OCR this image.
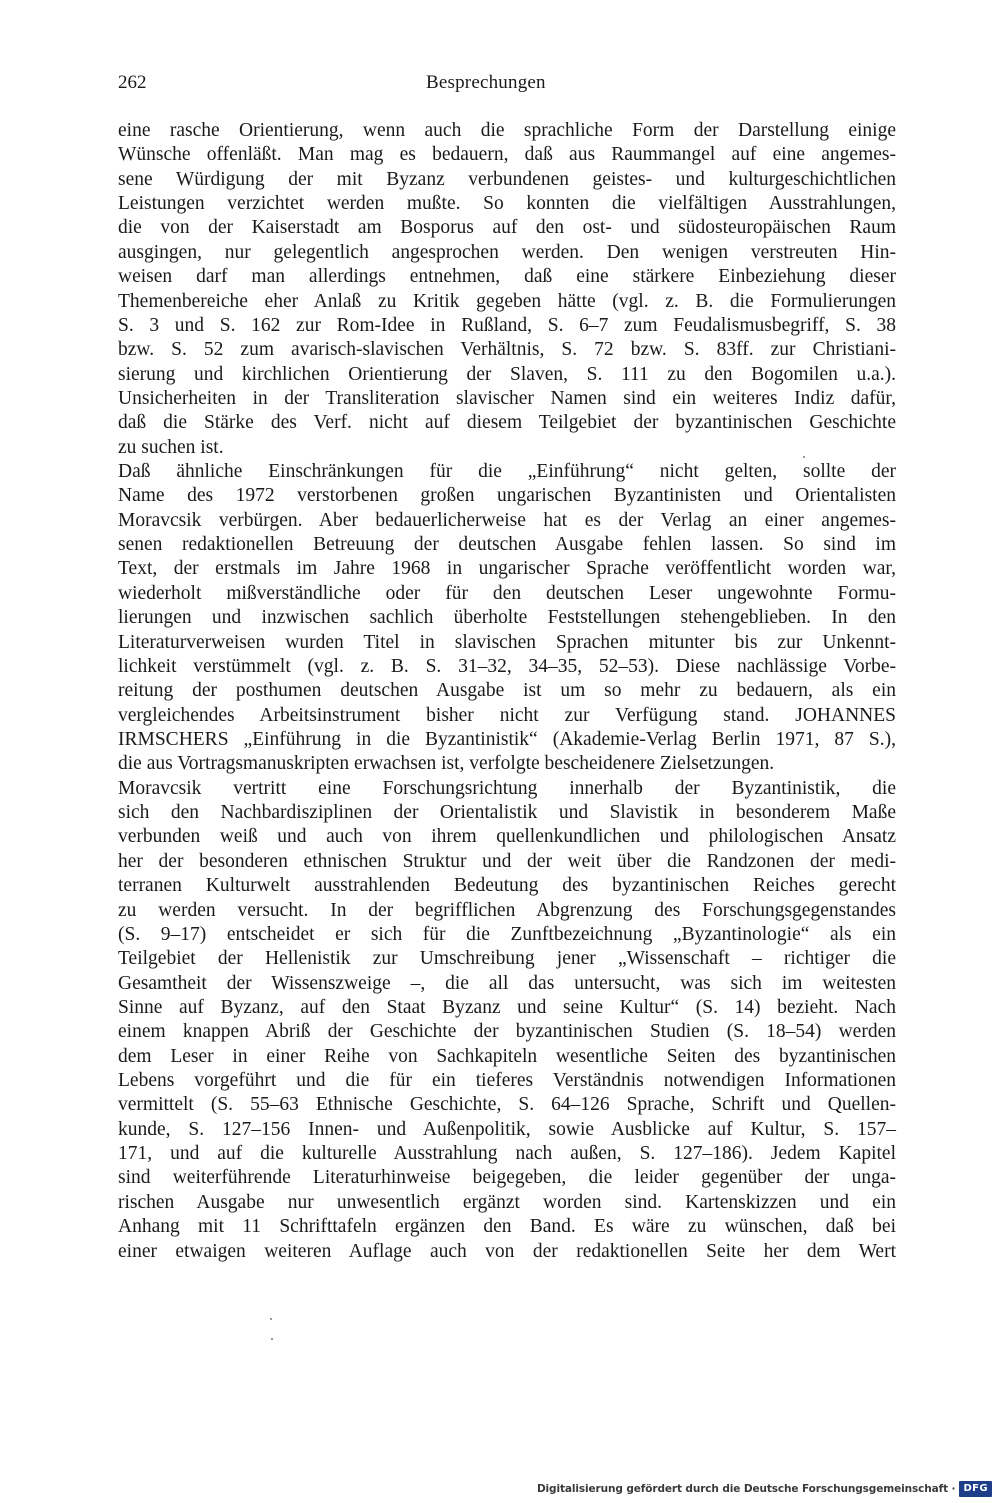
262	Besprechungen
eine rasche Orientierung, wenn auch die sprachliche Form der Darstellung einige
Wünsche offenläßt. Man mag es bedauern, daß aus Raummangel auf eine angemes-
sene Würdigung der mit Byzanz verbundenen geistes- und kulturgeschichtlichen
Leistungen verzichtet werden mußte. So konnten die vielfältigen Ausstrahlungen,
die von der Kaiserstadt am Bosporus auf den ost- und südosteuropäischen Raum
ausgingen, nur gelegentlich angesprochen werden. Den wenigen verstreuten Hin-
weisen darf man allerdings entnehmen, daß eine stärkere Einbeziehung dieser
Themenbereiche eher Anlaß zu Kritik gegeben hätte (vgl. z. B. die Formulierungen
S. 3 und S. 162 zur Rom-Idee in Rußland, S. 6–7 zum Feudalismusbegriff, S. 38
bzw. S. 52 zum avarisch-slavischen Verhältnis, S. 72 bzw. S. 83ff. zur Christiani-
sierung und kirchlichen Orientierung der Slaven, S. 111 zu den Bogomilen u.a.).
Unsicherheiten in der Transliteration slavischer Namen sind ein weiteres Indiz dafür,
daß die Stärke des Verf. nicht auf diesem Teilgebiet der byzantinischen Geschichte
zu suchen ist.
Daß ähnliche Einschränkungen für die „Einführung“ nicht gelten, sollte der
Name des 1972 verstorbenen großen ungarischen Byzantinisten und Orientalisten
Moravcsik verbürgen. Aber bedauerlicherweise hat es der Verlag an einer angemes-
senen redaktionellen Betreuung der deutschen Ausgabe fehlen lassen. So sind im
Text, der erstmals im Jahre 1968 in ungarischer Sprache veröffentlicht worden war,
wiederholt mißverständliche oder für den deutschen Leser ungewohnte Formu-
lierungen und inzwischen sachlich überholte Feststellungen stehengeblieben. In den
Literaturverweisen wurden Titel in slavischen Sprachen mitunter bis zur Unkennt-
lichkeit verstümmelt (vgl. z. B. S. 31–32, 34–35, 52–53). Diese nachlässige Vorbe-
reitung der posthumen deutschen Ausgabe ist um so mehr zu bedauern, als ein
vergleichendes Arbeitsinstrument bisher nicht zur Verfügung stand. JOHANNES
IRMSCHERS „Einführung in die Byzantinistik“ (Akademie-Verlag Berlin 1971, 87 S.),
die aus Vortragsmanuskripten erwachsen ist, verfolgte bescheidenere Zielsetzungen.
Moravcsik vertritt eine Forschungsrichtung innerhalb der Byzantinistik, die
sich den Nachbardisziplinen der Orientalistik und Slavistik in besonderem Maße
verbunden weiß und auch von ihrem quellenkundlichen und philologischen Ansatz
her der besonderen ethnischen Struktur und der weit über die Randzonen der medi-
terranen Kulturwelt ausstrahlenden Bedeutung des byzantinischen Reiches gerecht
zu werden versucht. In der begrifflichen Abgrenzung des Forschungsgegenstandes
(S. 9–17) entscheidet er sich für die Zunftbezeichnung „Byzantinologie“ als ein
Teilgebiet der Hellenistik zur Umschreibung jener „Wissenschaft – richtiger die
Gesamtheit der Wissenszweige –, die all das untersucht, was sich im weitesten
Sinne auf Byzanz, auf den Staat Byzanz und seine Kultur“ (S. 14) bezieht. Nach
einem knappen Abriß der Geschichte der byzantinischen Studien (S. 18–54) werden
dem Leser in einer Reihe von Sachkapiteln wesentliche Seiten des byzantinischen
Lebens vorgeführt und die für ein tieferes Verständnis notwendigen Informationen
vermittelt (S. 55–63 Ethnische Geschichte, S. 64–126 Sprache, Schrift und Quellen-
kunde, S. 127–156 Innen- und Außenpolitik, sowie Ausblicke auf Kultur, S. 157–
171, und auf die kulturelle Ausstrahlung nach außen, S. 127–186). Jedem Kapitel
sind weiterführende Literaturhinweise beigegeben, die leider gegenüber der unga-
rischen Ausgabe nur unwesentlich ergänzt worden sind. Kartenskizzen und ein
Anhang mit 11 Schrifttafeln ergänzen den Band. Es wäre zu wünschen, daß bei
einer etwaigen weiteren Auflage auch von der redaktionellen Seite her dem Wert
Digitalisierung gefördert durch die Deutsche Forschungsgemeinschaft · DFG
